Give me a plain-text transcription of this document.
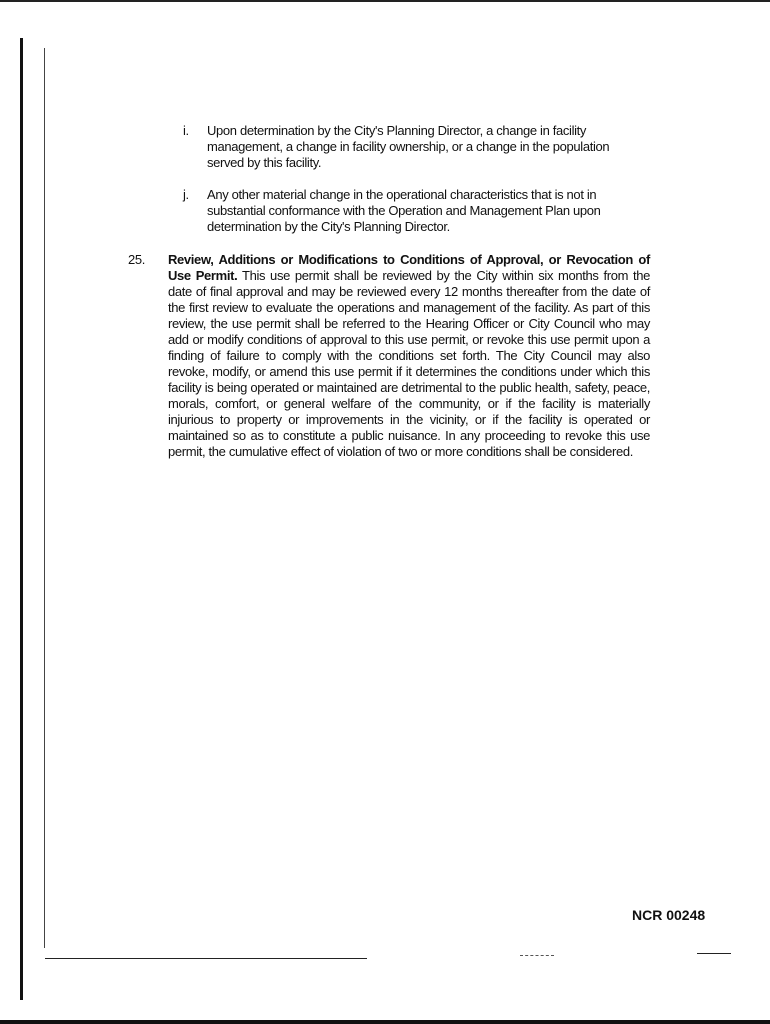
i. Upon determination by the City's Planning Director, a change in facility management, a change in facility ownership, or a change in the population served by this facility.
j. Any other material change in the operational characteristics that is not in substantial conformance with the Operation and Management Plan upon determination by the City's Planning Director.
25. Review, Additions or Modifications to Conditions of Approval, or Revocation of Use Permit. This use permit shall be reviewed by the City within six months from the date of final approval and may be reviewed every 12 months thereafter from the date of the first review to evaluate the operations and management of the facility. As part of this review, the use permit shall be referred to the Hearing Officer or City Council who may add or modify conditions of approval to this use permit, or revoke this use permit upon a finding of failure to comply with the conditions set forth. The City Council may also revoke, modify, or amend this use permit if it determines the conditions under which this facility is being operated or maintained are detrimental to the public health, safety, peace, morals, comfort, or general welfare of the community, or if the facility is materially injurious to property or improvements in the vicinity, or if the facility is operated or maintained so as to constitute a public nuisance. In any proceeding to revoke this use permit, the cumulative effect of violation of two or more conditions shall be considered.
NCR 00248
